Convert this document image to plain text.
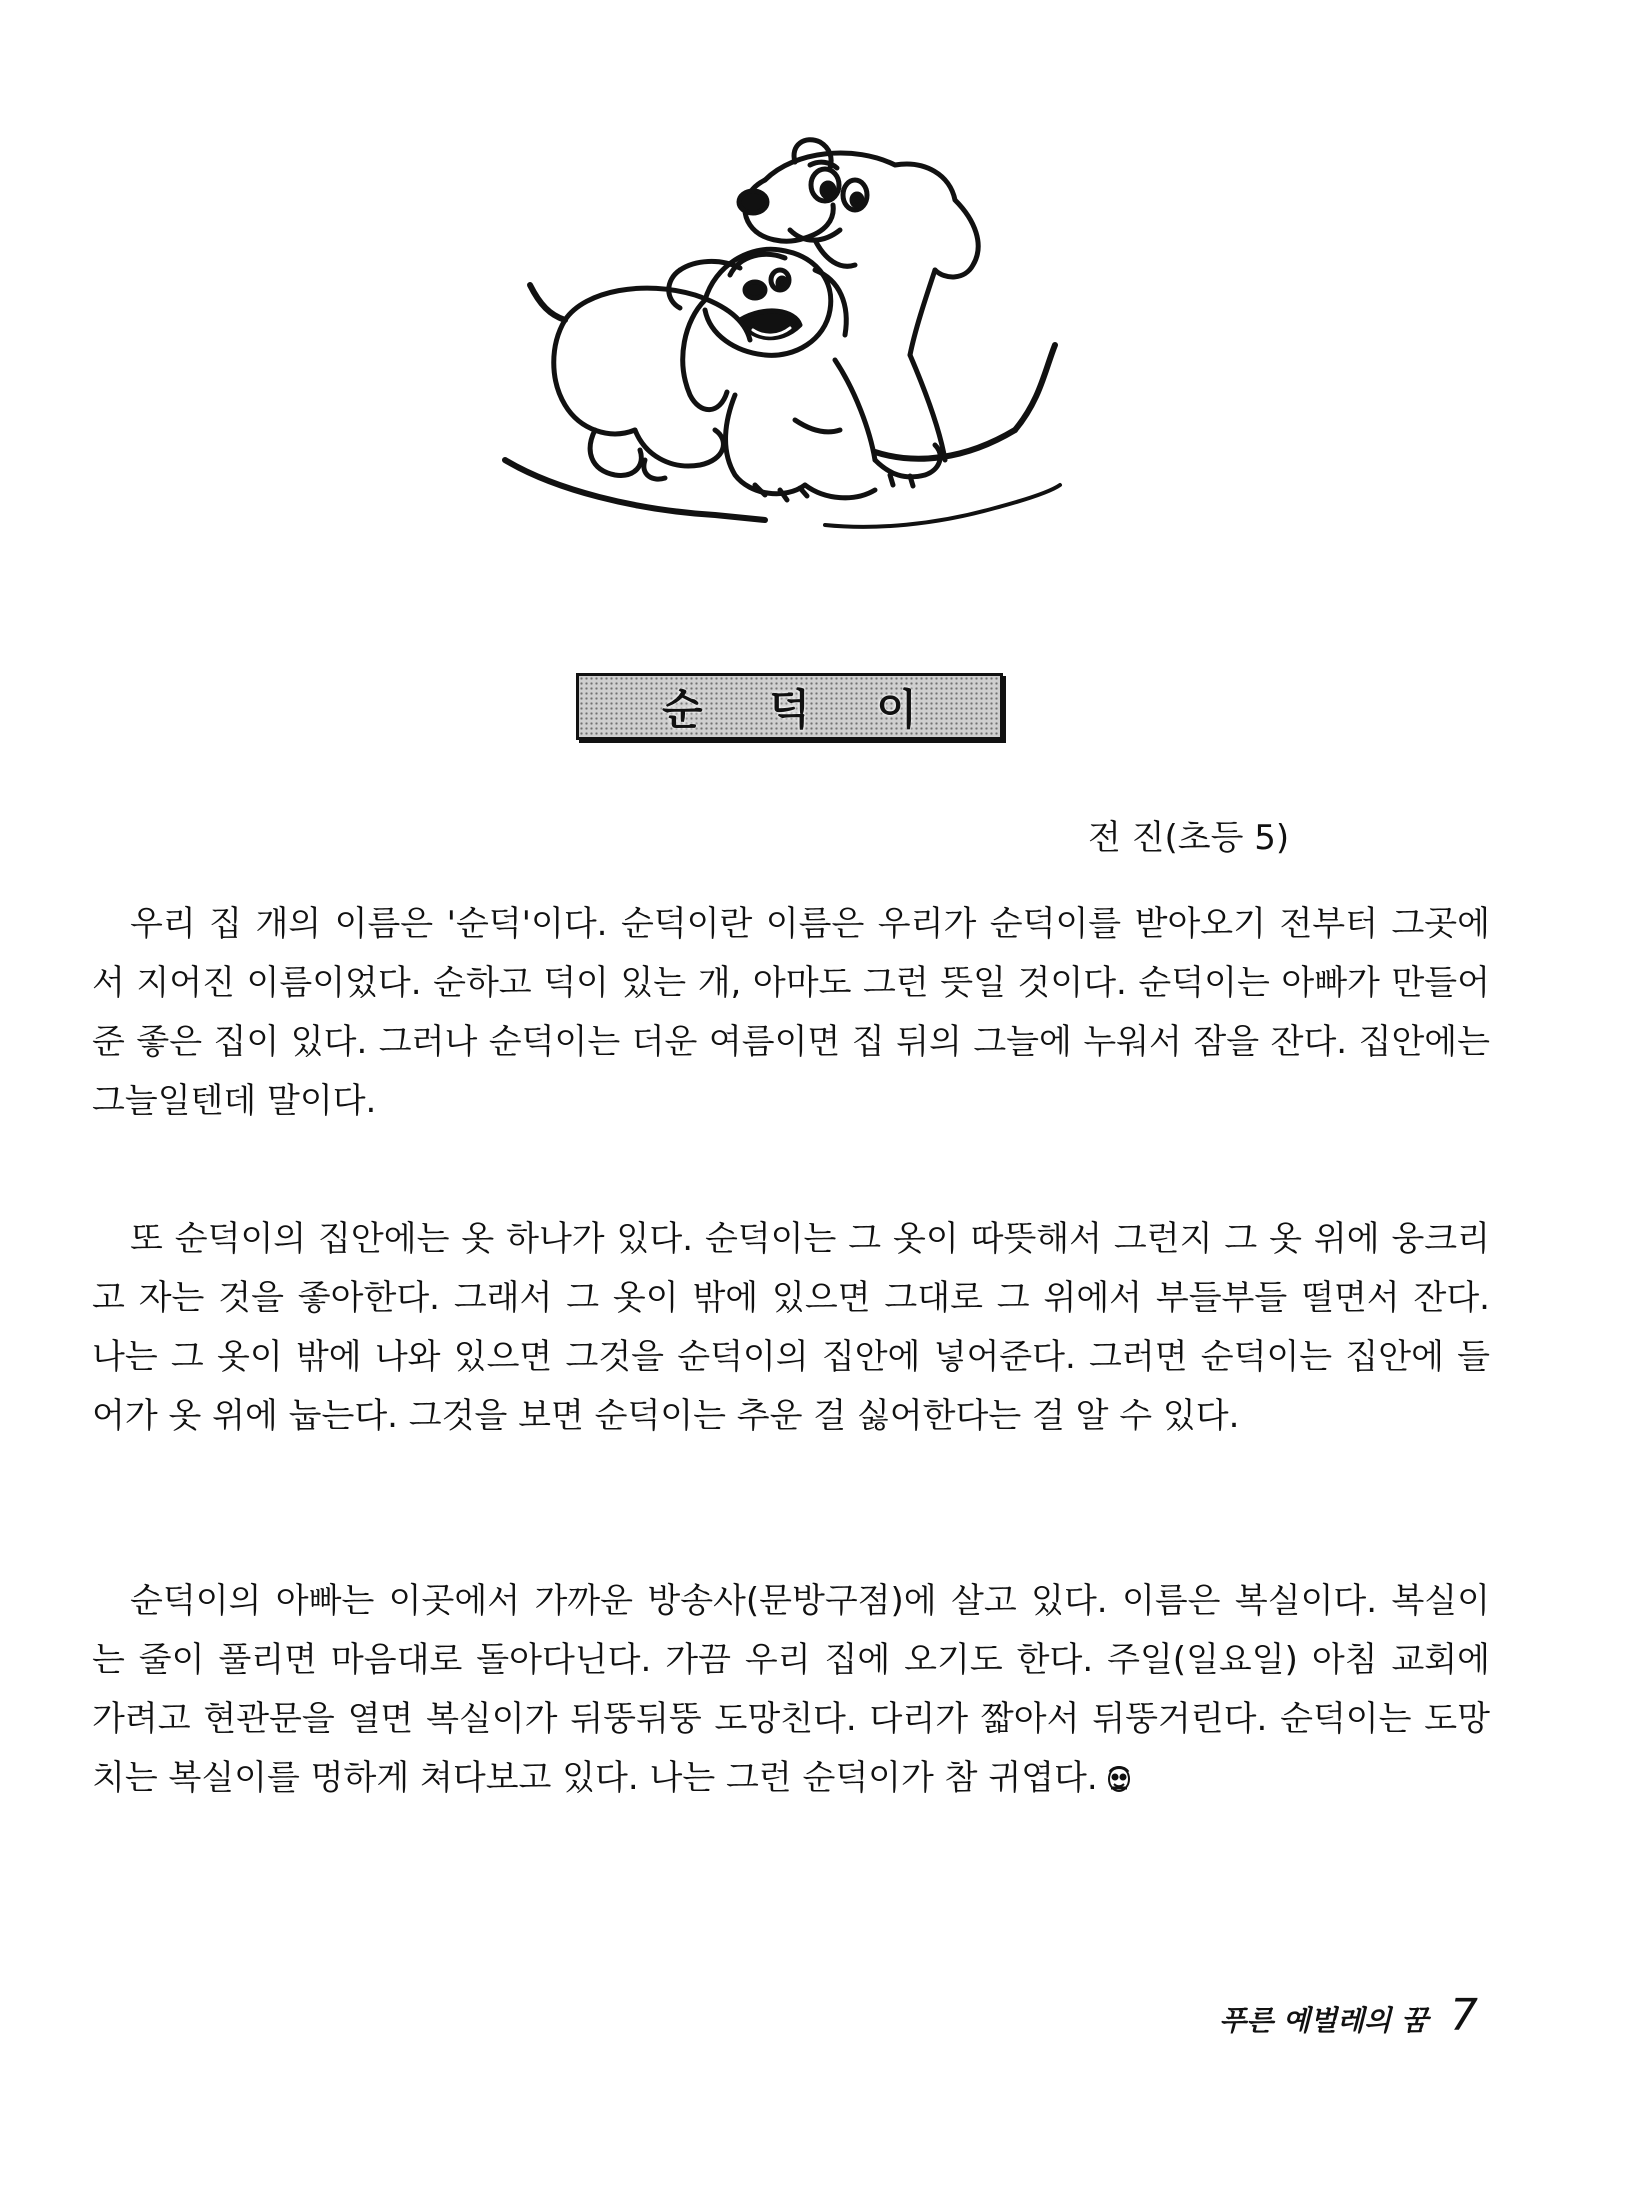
순 덕 이
전 진(초등 5)

우리 집 개의 이름은 '순덕'이다. 순덕이란 이름은 우리가 순덕이를 받아오기 전부터 그곳에서 지어진 이름이었다. 순하고 덕이 있는 개, 아마도 그런 뜻일 것이다. 순덕이는 아빠가 만들어준 좋은 집이 있다. 그러나 순덕이는 더운 여름이면 집 뒤의 그늘에 누워서 잠을 잔다. 집안에는 그늘일텐데 말이다.

또 순덕이의 집안에는 옷 하나가 있다. 순덕이는 그 옷이 따뜻해서 그런지 그 옷 위에 웅크리고 자는 것을 좋아한다. 그래서 그 옷이 밖에 있으면 그대로 그 위에서 부들부들 떨면서 잔다. 나는 그 옷이 밖에 나와 있으면 그것을 순덕이의 집안에 넣어준다. 그러면 순덕이는 집안에 들어가 옷 위에 눕는다. 그것을 보면 순덕이는 추운 걸 싫어한다는 걸 알 수 있다.

순덕이의 아빠는 이곳에서 가까운 방송사(문방구점)에 살고 있다. 이름은 복실이다. 복실이는 줄이 풀리면 마음대로 돌아다닌다. 가끔 우리 집에 오기도 한다. 주일(일요일) 아침 교회에 가려고 현관문을 열면 복실이가 뒤뚱뒤뚱 도망친다. 다리가 짧아서 뒤뚱거린다. 순덕이는 도망치는 복실이를 멍하게 쳐다보고 있다. 나는 그런 순덕이가 참 귀엽다.

푸른 예벌레의 꿈 7
